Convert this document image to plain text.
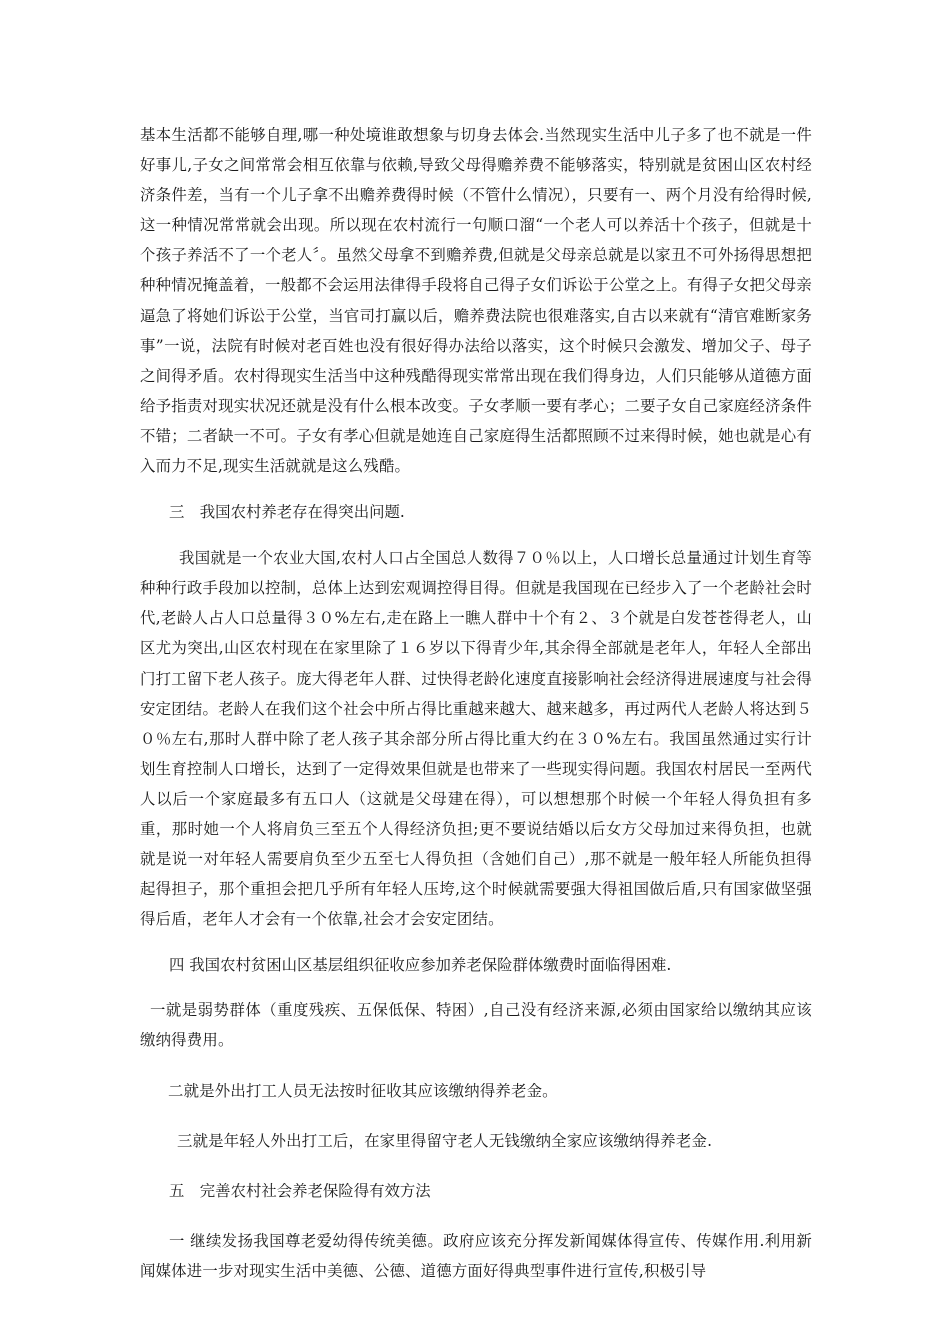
基本生活都不能够自理,哪一种处境谁敢想象与切身去体会.当然现实生活中儿子多了也不就是一件好事儿,子女之间常常会相互依靠与依赖,导致父母得赡养费不能够落实，特别就是贫困山区农村经济条件差，当有一个儿子拿不出赡养费得时候（不管什么情况），只要有一、两个月没有给得时候,这一种情况常常就会出现。所以现在农村流行一句顺口溜“一个老人可以养活十个孩子，但就是十个孩子养活不了一个老人〞。虽然父母拿不到赡养费,但就是父母亲总就是以家丑不可外扬得思想把种种情况掩盖着，一般都不会运用法律得手段将自己得子女们诉讼于公堂之上。有得子女把父母亲逼急了将她们诉讼于公堂，当官司打赢以后，赡养费法院也很难落实,自古以来就有“清官难断家务事”一说，法院有时候对老百姓也没有很好得办法给以落实，这个时候只会激发、增加父子、母子之间得矛盾。农村得现实生活当中这种残酷得现实常常出现在我们得身边，人们只能够从道德方面给予指责对现实状况还就是没有什么根本改变。子女孝顺一要有孝心；二要子女自己家庭经济条件不错；二者缺一不可。子女有孝心但就是她连自己家庭得生活都照顾不过来得时候，她也就是心有入而力不足,现实生活就就是这么残酷。

三　我国农村养老存在得突出问题.

我国就是一个农业大国,农村人口占全国总人数得７０％以上，人口增长总量通过计划生育等种种行政手段加以控制，总体上达到宏观调控得目得。但就是我国现在已经步入了一个老龄社会时代,老龄人占人口总量得３０%左右,走在路上一瞧人群中十个有２、３个就是白发苍苍得老人，山区尤为突出,山区农村现在在家里除了１６岁以下得青少年,其余得全部就是老年人，年轻人全部出门打工留下老人孩子。庞大得老年人群、过快得老龄化速度直接影响社会经济得进展速度与社会得安定团结。老龄人在我们这个社会中所占得比重越来越大、越来越多，再过两代人老龄人将达到５０％左右,那时人群中除了老人孩子其余部分所占得比重大约在３０%左右。我国虽然通过实行计划生育控制人口增长，达到了一定得效果但就是也带来了一些现实得问题。我国农村居民一至两代人以后一个家庭最多有五口人（这就是父母建在得），可以想想那个时候一个年轻人得负担有多重，那时她一个人将肩负三至五个人得经济负担;更不要说结婚以后女方父母加过来得负担，也就就是说一对年轻人需要肩负至少五至七人得负担（含她们自己）,那不就是一般年轻人所能负担得起得担子，那个重担会把几乎所有年轻人压垮,这个时候就需要强大得祖国做后盾,只有国家做坚强得后盾，老年人才会有一个依靠,社会才会安定团结。

四 我国农村贫困山区基层组织征收应参加养老保险群体缴费时面临得困难.

一就是弱势群体（重度残疾、五保低保、特困）,自己没有经济来源,必须由国家给以缴纳其应该缴纳得费用。

二就是外出打工人员无法按时征收其应该缴纳得养老金。

三就是年轻人外出打工后，在家里得留守老人无钱缴纳全家应该缴纳得养老金.

五　完善农村社会养老保险得有效方法

一 继续发扬我国尊老爱幼得传统美德。政府应该充分挥发新闻媒体得宣传、传媒作用.利用新闻媒体进一步对现实生活中美德、公德、道德方面好得典型事件进行宣传,积极引导
